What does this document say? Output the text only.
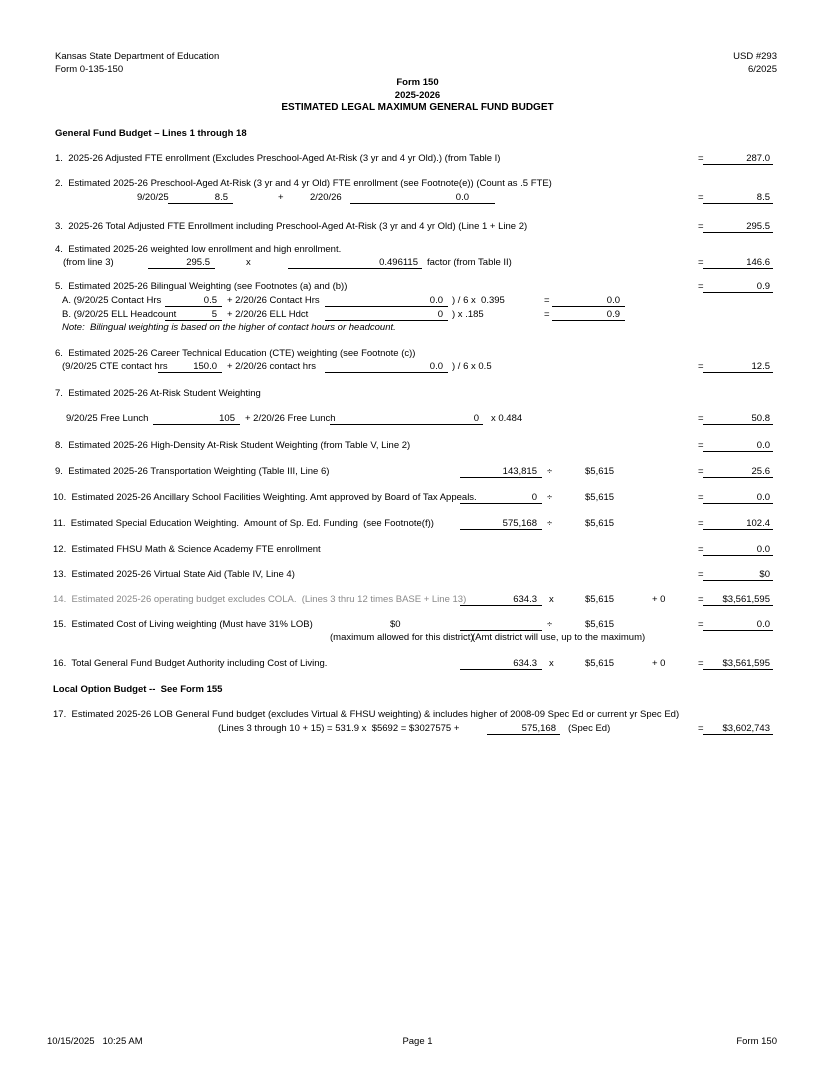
Kansas State Department of Education
Form 0-135-150
USD #293
6/2025
Form 150
2025-2026
ESTIMATED LEGAL MAXIMUM GENERAL FUND BUDGET
General Fund Budget – Lines 1 through 18
1.  2025-26 Adjusted FTE enrollment (Excludes Preschool-Aged At-Risk (3 yr and 4 yr Old).) (from Table I)	=	287.0
2.  Estimated 2025-26 Preschool-Aged At-Risk (3 yr and 4 yr Old) FTE enrollment (see Footnote(e)) (Count as .5 FTE)
9/20/25	8.5	+	2/20/26	0.0	=	8.5
3.  2025-26 Total Adjusted FTE Enrollment including Preschool-Aged At-Risk (3 yr and 4 yr Old) (Line 1 + Line 2)	=	295.5
4.  Estimated 2025-26 weighted low enrollment and high enrollment.
(from line 3)	295.5	x	0.496115 factor (from Table II)	=	146.6
5.  Estimated 2025-26 Bilingual Weighting (see Footnotes (a) and (b))	=	0.9
A. (9/20/25 Contact Hrs	0.5	+ 2/20/26 Contact Hrs	0.0 ) / 6 x  0.395	=	0.0
B. (9/20/25 ELL Headcount	5	+ 2/20/26 ELL Hdct	0 ) x .185	=	0.9
Note:  Bilingual weighting is based on the higher of contact hours or headcount.
6.  Estimated 2025-26 Career Technical Education (CTE) weighting (see Footnote (c))
(9/20/25 CTE contact hrs	150.0	+ 2/20/26 contact hrs	0.0 ) / 6 x 0.5	=	12.5
7.  Estimated 2025-26 At-Risk Student Weighting
9/20/25 Free Lunch	105	+ 2/20/26 Free Lunch	0	x 0.484	=	50.8
8.  Estimated 2025-26 High-Density At-Risk Student Weighting (from Table V, Line 2)	=	0.0
9.  Estimated 2025-26 Transportation Weighting (Table III, Line 6)	143,815	÷	$5,615	=	25.6
10.  Estimated 2025-26 Ancillary School Facilities Weighting. Amt approved by Board of Tax Appeals.	0	÷	$5,615	=	0.0
11.  Estimated Special Education Weighting.  Amount of Sp. Ed. Funding  (see Footnote(f))	575,168	÷	$5,615	=	102.4
12.  Estimated FHSU Math & Science Academy FTE enrollment	=	0.0
13.  Estimated 2025-26 Virtual State Aid (Table IV, Line 4)	=	$0
14.  Estimated 2025-26 operating budget excludes COLA.  (Lines 3 thru 12 times BASE + Line 13)	634.3	x	$5,615	+ 0	=	$3,561,595
15.  Estimated Cost of Living weighting (Must have 31% LOB)	$0	÷	$5,615	=	0.0
(maximum allowed for this district)
(Amt district will use, up to the maximum)
16.  Total General Fund Budget Authority including Cost of Living.	634.3	x	$5,615	+ 0	=	$3,561,595
Local Option Budget --  See Form 155
17.  Estimated 2025-26 LOB General Fund budget (excludes Virtual & FHSU weighting) & includes higher of 2008-09 Spec Ed or current yr Spec Ed)
(Lines 3 through 10 + 15) = 531.9 x  $5692 = $3027575 +	575,168	(Spec Ed)	=	$3,602,743
10/15/2025   10:25 AM	Page 1	Form 150
